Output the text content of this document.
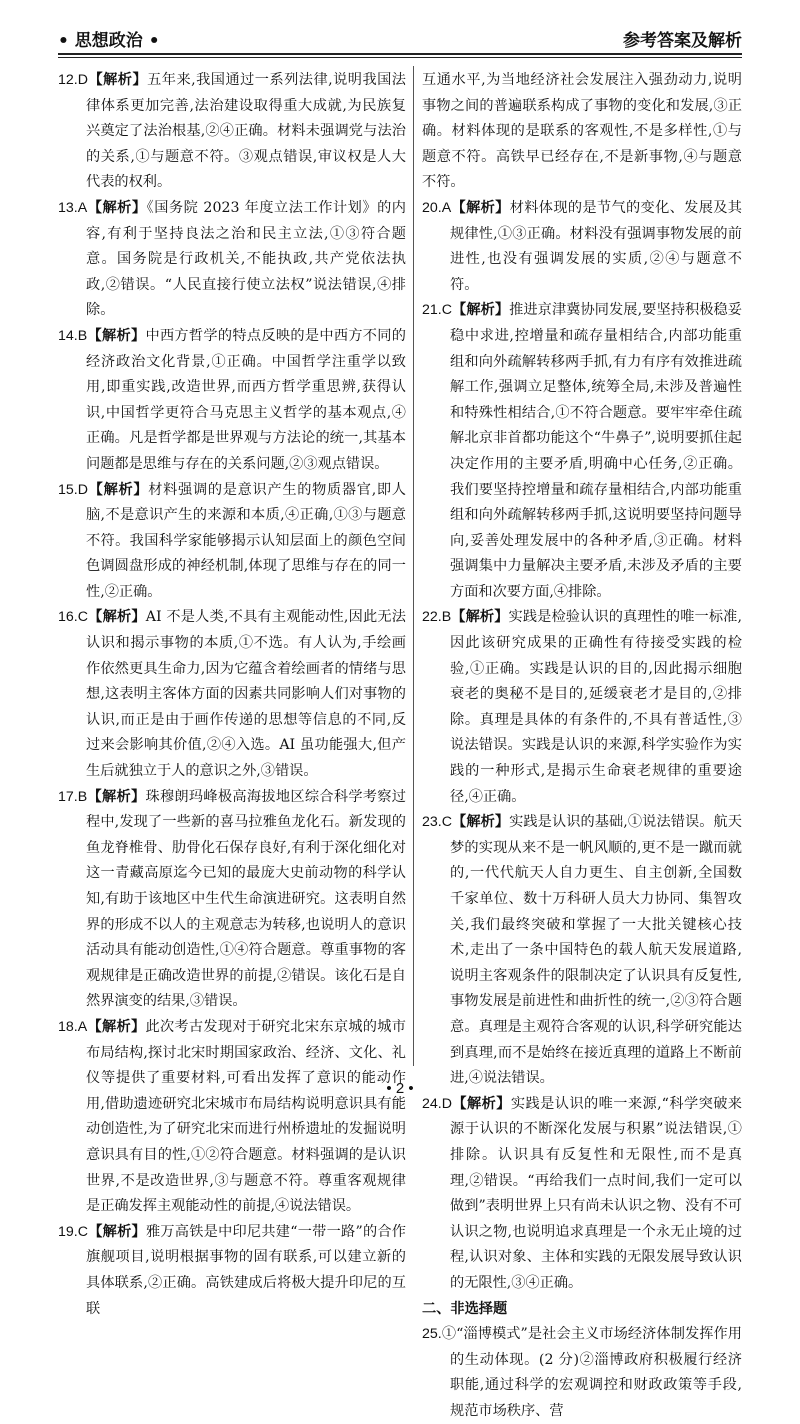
• 思想政治 •	参考答案及解析

12.D【解析】五年来,我国通过一系列法律,说明我国法律体系更加完善,法治建设取得重大成就,为民族复兴奠定了法治根基,②④正确。材料未强调党与法治的关系,①与题意不符。③观点错误,审议权是人大代表的权利。

13.A【解析】《国务院 2023 年度立法工作计划》的内容,有利于坚持良法之治和民主立法,①③符合题意。国务院是行政机关,不能执政,共产党依法执政,②错误。“人民直接行使立法权”说法错误,④排除。

14.B【解析】中西方哲学的特点反映的是中西方不同的经济政治文化背景,①正确。中国哲学注重学以致用,即重实践,改造世界,而西方哲学重思辨,获得认识,中国哲学更符合马克思主义哲学的基本观点,④正确。凡是哲学都是世界观与方法论的统一,其基本问题都是思维与存在的关系问题,②③观点错误。

15.D【解析】材料强调的是意识产生的物质器官,即人脑,不是意识产生的来源和本质,④正确,①③与题意不符。我国科学家能够揭示认知层面上的颜色空间色调圆盘形成的神经机制,体现了思维与存在的同一性,②正确。

16.C【解析】AI 不是人类,不具有主观能动性,因此无法认识和揭示事物的本质,①不选。有人认为,手绘画作依然更具生命力,因为它蕴含着绘画者的情绪与思想,这表明主客体方面的因素共同影响人们对事物的认识,而正是由于画作传递的思想等信息的不同,反过来会影响其价值,②④入选。AI 虽功能强大,但产生后就独立于人的意识之外,③错误。

17.B【解析】珠穆朗玛峰极高海拔地区综合科学考察过程中,发现了一些新的喜马拉雅鱼龙化石。新发现的鱼龙脊椎骨、肋骨化石保存良好,有利于深化细化对这一青藏高原迄今已知的最庞大史前动物的科学认知,有助于该地区中生代生命演进研究。这表明自然界的形成不以人的主观意志为转移,也说明人的意识活动具有能动创造性,①④符合题意。尊重事物的客观规律是正确改造世界的前提,②错误。该化石是自然界演变的结果,③错误。

18.A【解析】此次考古发现对于研究北宋东京城的城市布局结构,探讨北宋时期国家政治、经济、文化、礼仪等提供了重要材料,可看出发挥了意识的能动作用,借助遗迹研究北宋城市布局结构说明意识具有能动创造性,为了研究北宋而进行州桥遗址的发掘说明意识具有目的性,①②符合题意。材料强调的是认识世界,不是改造世界,③与题意不符。尊重客观规律是正确发挥主观能动性的前提,④说法错误。

19.C【解析】雅万高铁是中印尼共建“一带一路”的合作旗舰项目,说明根据事物的固有联系,可以建立新的具体联系,②正确。高铁建成后将极大提升印尼的互联

互通水平,为当地经济社会发展注入强劲动力,说明事物之间的普遍联系构成了事物的变化和发展,③正确。材料体现的是联系的客观性,不是多样性,①与题意不符。高铁早已经存在,不是新事物,④与题意不符。

20.A【解析】材料体现的是节气的变化、发展及其规律性,①③正确。材料没有强调事物发展的前进性,也没有强调发展的实质,②④与题意不符。

21.C【解析】推进京津冀协同发展,要坚持积极稳妥稳中求进,控增量和疏存量相结合,内部功能重组和向外疏解转移两手抓,有力有序有效推进疏解工作,强调立足整体,统筹全局,未涉及普遍性和特殊性相结合,①不符合题意。要牢牢牵住疏解北京非首都功能这个“牛鼻子”,说明要抓住起决定作用的主要矛盾,明确中心任务,②正确。我们要坚持控增量和疏存量相结合,内部功能重组和向外疏解转移两手抓,这说明要坚持问题导向,妥善处理发展中的各种矛盾,③正确。材料强调集中力量解决主要矛盾,未涉及矛盾的主要方面和次要方面,④排除。

22.B【解析】实践是检验认识的真理性的唯一标准,因此该研究成果的正确性有待接受实践的检验,①正确。实践是认识的目的,因此揭示细胞衰老的奥秘不是目的,延缓衰老才是目的,②排除。真理是具体的有条件的,不具有普适性,③说法错误。实践是认识的来源,科学实验作为实践的一种形式,是揭示生命衰老规律的重要途径,④正确。

23.C【解析】实践是认识的基础,①说法错误。航天梦的实现从来不是一帆风顺的,更不是一蹴而就的,一代代航天人自力更生、自主创新,全国数千家单位、数十万科研人员大力协同、集智攻关,我们最终突破和掌握了一大批关键核心技术,走出了一条中国特色的载人航天发展道路,说明主客观条件的限制决定了认识具有反复性,事物发展是前进性和曲折性的统一,②③符合题意。真理是主观符合客观的认识,科学研究能达到真理,而不是始终在接近真理的道路上不断前进,④说法错误。

24.D【解析】实践是认识的唯一来源,“科学突破来源于认识的不断深化发展与积累”说法错误,①排除。认识具有反复性和无限性,而不是真理,②错误。“再给我们一点时间,我们一定可以做到”表明世界上只有尚未认识之物、没有不可认识之物,也说明追求真理是一个永无止境的过程,认识对象、主体和实践的无限发展导致认识的无限性,③④正确。

二、非选择题

25.①“淄博模式”是社会主义市场经济体制发挥作用的生动体现。(2 分)②淄博政府积极履行经济职能,通过科学的宏观调控和财政政策等手段,规范市场秩序、营

• 2 •
